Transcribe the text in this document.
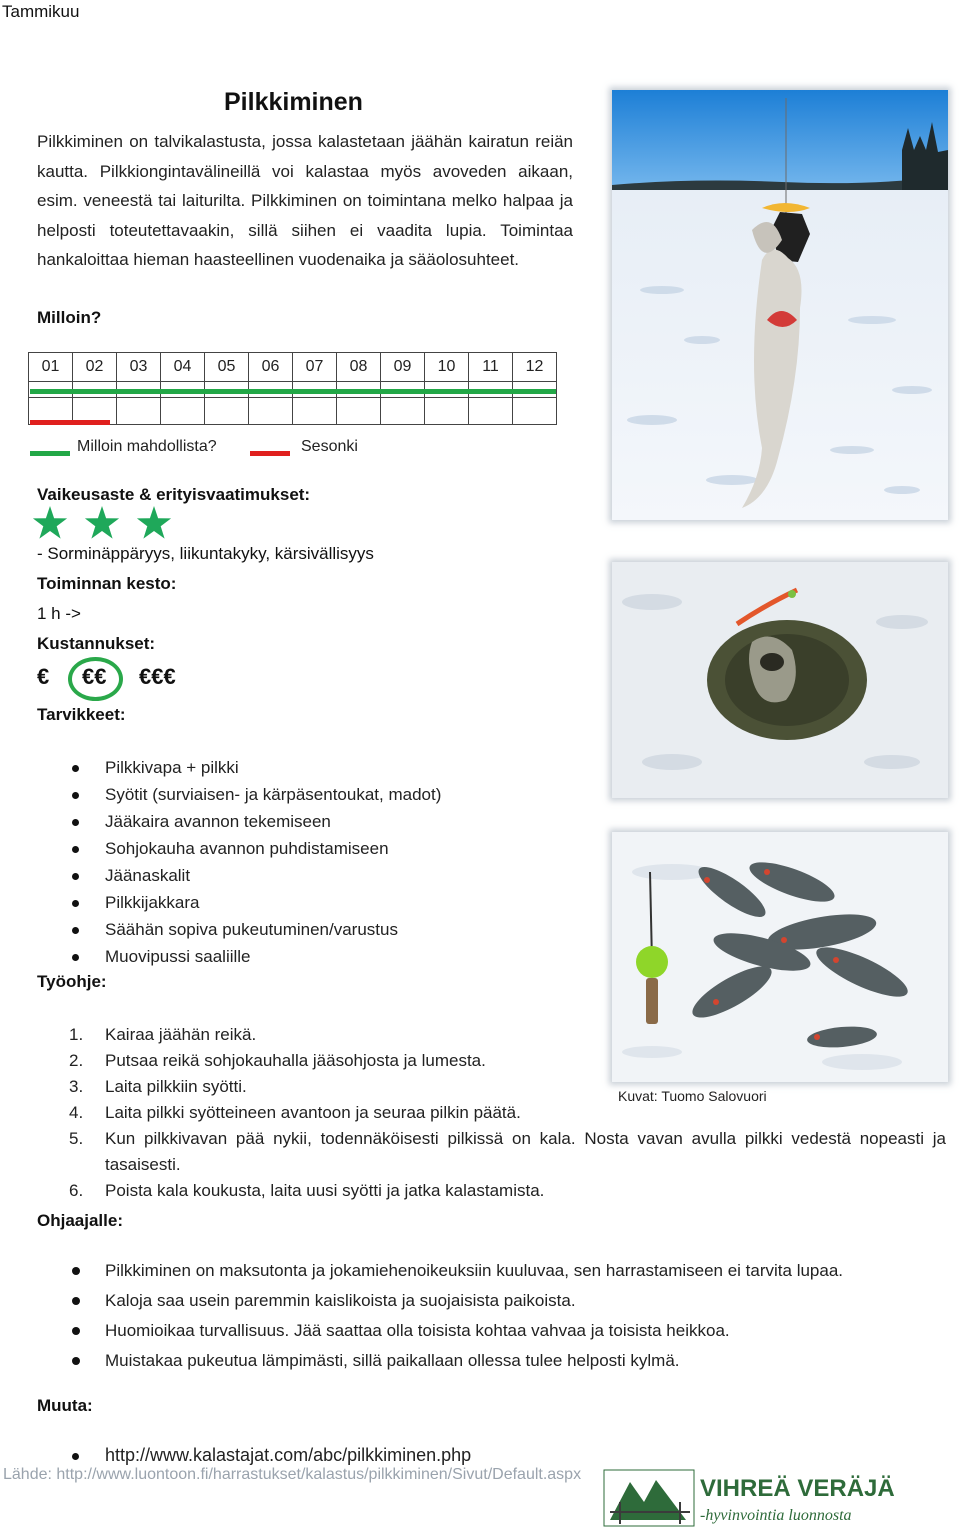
Tammikuu
Pilkkiminen
Pilkkiminen on talvikalastusta, jossa kalastetaan jäähän kairatun reiän kautta. Pilkkiongintavälineillä voi kalastaa myös avoveden aikaan, esim. veneestä tai laiturilta. Pilkkiminen on toimintana melko halpaa ja helposti toteutettavaakin, sillä siihen ei vaadita lupia. Toimintaa hankaloittaa hieman haasteellinen vuodenaika ja sääolosuhteet.
Milloin?
01	02	03	04	05	06	07	08	09	10	11	12

Milloin mahdollista?	Sesonki
Vaikeusaste & erityisvaatimukset:
- Sorminäppäryys, liikuntakyky, kärsivällisyys
Toiminnan kesto:
1 h ->
Kustannukset:
€ €€ €€€
Tarvikkeet:
Pilkkivapa + pilkki
Syötit (surviaisen- ja kärpäsentoukat, madot)
Jääkaira avannon tekemiseen
Sohjokauha avannon puhdistamiseen
Jäänaskalit
Pilkkijakkara
Säähän sopiva pukeutuminen/varustus
Muovipussi saaliille
Työohje:
1. Kairaa jäähän reikä.
2. Putsaa reikä sohjokauhalla jääsohjosta ja lumesta.
3. Laita pilkkiin syötti.
4. Laita pilkki syötteineen avantoon ja seuraa pilkin päätä.
5. Kun pilkkivavan pää nykii, todennäköisesti pilkissä on kala. Nosta vavan avulla pilkki vedestä nopeasti ja tasaisesti.
6. Poista kala koukusta, laita uusi syötti ja jatka kalastamista.
Ohjaajalle:
Pilkkiminen on maksutonta ja jokamiehenoikeuksiin kuuluvaa, sen harrastamiseen ei tarvita lupaa.
Kaloja saa usein paremmin kaislikoista ja suojaisista paikoista.
Huomioikaa turvallisuus. Jää saattaa olla toisista kohtaa vahvaa ja toisista heikkoa.
Muistakaa pukeutua lämpimästi, sillä paikallaan ollessa tulee helposti kylmä.
Muuta:
http://www.kalastajat.com/abc/pilkkiminen.php
Kuvat: Tuomo Salovuori
Lähde: http://www.luontoon.fi/harrastukset/kalastus/pilkkiminen/Sivut/Default.aspx
VIHREÄ VERÄJÄ
-hyvinvointia luonnosta
